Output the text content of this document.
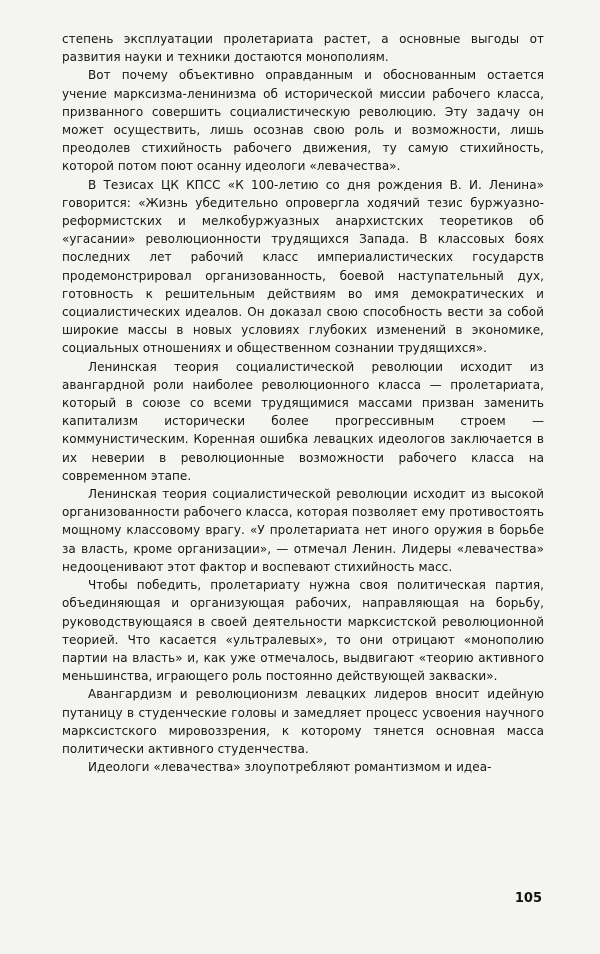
степень эксплуатации пролетариата растет, а основные выгоды от развития науки и техники достаются монополиям.

Вот почему объективно оправданным и обоснованным остается учение марксизма-ленинизма об исторической миссии рабочего класса, призванного совершить социалистическую революцию. Эту задачу он может осуществить, лишь осознав свою роль и возможности, лишь преодолев стихийность рабочего движения, ту самую стихийность, которой потом поют осанну идеологи «левачества».

В Тезисах ЦК КПСС «К 100-летию со дня рождения В. И. Ленина» говорится: «Жизнь убедительно опровергла ходячий тезис буржуазно-реформистских и мелкобуржуазных анархистских теоретиков об «угасании» революционности трудящихся Запада. В классовых боях последних лет рабочий класс империалистических государств продемонстрировал организованность, боевой наступательный дух, готовность к решительным действиям во имя демократических и социалистических идеалов. Он доказал свою способность вести за собой широкие массы в новых условиях глубоких изменений в экономике, социальных отношениях и общественном сознании трудящихся».

Ленинская теория социалистической революции исходит из авангардной роли наиболее революционного класса — пролетариата, который в союзе со всеми трудящимися массами призван заменить капитализм исторически более прогрессивным строем — коммунистическим. Коренная ошибка левацких идеологов заключается в их неверии в революционные возможности рабочего класса на современном этапе.

Ленинская теория социалистической революции исходит из высокой организованности рабочего класса, которая позволяет ему противостоять мощному классовому врагу. «У пролетариата нет иного оружия в борьбе за власть, кроме организации», — отмечал Ленин. Лидеры «левачества» недооценивают этот фактор и воспевают стихийность масс.

Чтобы победить, пролетариату нужна своя политическая партия, объединяющая и организующая рабочих, направляющая на борьбу, руководствующаяся в своей деятельности марксистской революционной теорией. Что касается «ультралевых», то они отрицают «монополию партии на власть» и, как уже отмечалось, выдвигают «теорию активного меньшинства, играющего роль постоянно действующей закваски».

Авангардизм и революционизм левацких лидеров вносит идейную путаницу в студенческие головы и замедляет процесс усвоения научного марксистского мировоззрения, к которому тянется основная масса политически активного студенчества.

Идеологи «левачества» злоупотребляют романтизмом и идеа-

105
